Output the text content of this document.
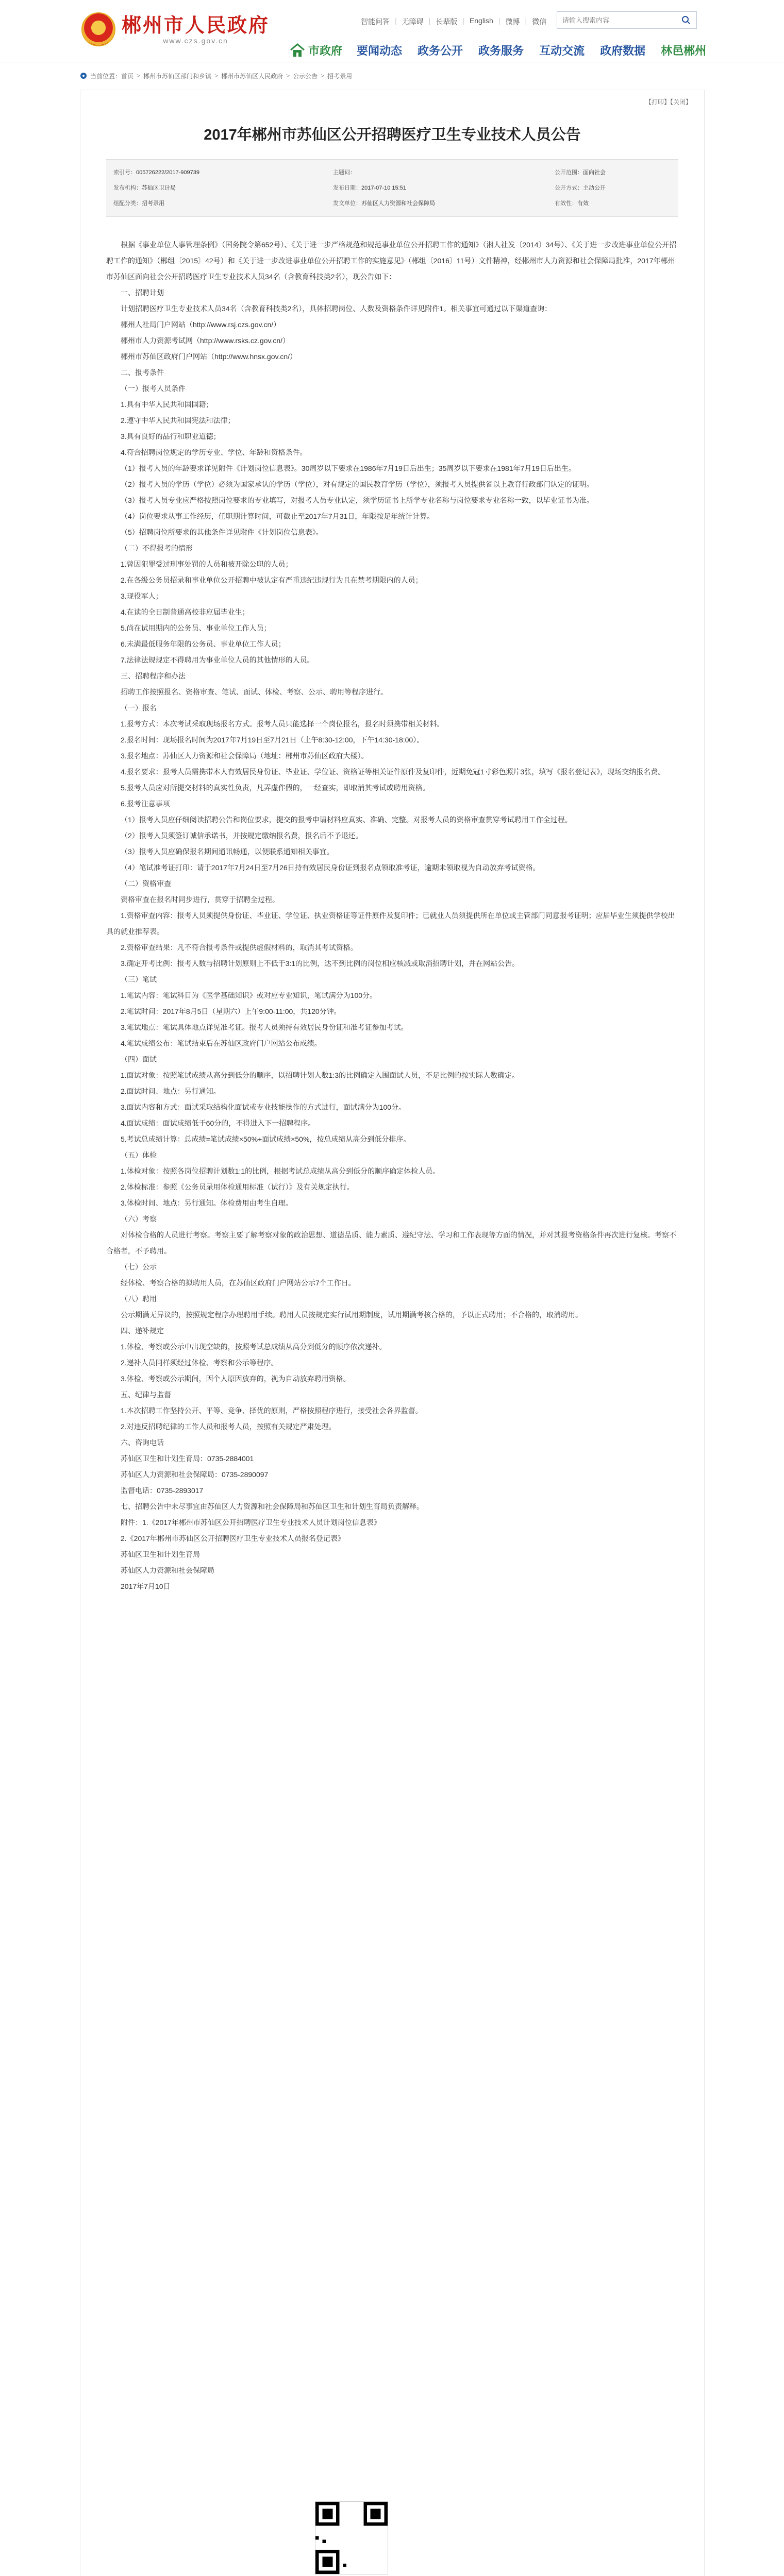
郴州市人民政府
www.czs.gov.cn
智能问答 | 无障碍 | 长辈版 | English | 微博 | 微信
请输入搜索内容
市政府 要闻动态 政务公开 政务服务 互动交流 政府数据 林邑郴州
当前位置： 首页 > 郴州市苏仙区部门和乡镇 > 郴州市苏仙区人民政府 > 公示公告 > 招考录用
【打印】【关闭】
2017年郴州市苏仙区公开招聘医疗卫生专业技术人员公告
索引号：005726222/2017-909739	主题词：	公开范围：面向社会
发布机构：苏仙区卫计局	发布日期：2017-07-10 15:51	公开方式：主动公开
组配分类：招考录用	发文单位：苏仙区人力资源和社会保障局	有效性：有效

根据《事业单位人事管理条例》（国务院令第652号）、《关于进一步严格规范和规范事业单位公开招聘工作的通知》（湘人社发〔2014〕34号）、《关于进一步改进事业单位公开招聘工作的通知》（郴组〔2015〕42号）和《关于进一步改进事业单位公开招聘工作的实施意见》（郴组〔2016〕11号）文件精神，经郴州市人力资源和社会保障局批准，2017年郴州市苏仙区面向社会公开招聘医疗卫生专业技术人员34名（含教育科技类2名），现公告如下：

一、招聘计划

计划招聘医疗卫生专业技术人员34名（含教育科技类2名），具体招聘岗位、人数及资格条件详见附件1。相关事宜可通过以下渠道查询：

郴州人社局门户网站（http://www.rsj.czs.gov.cn/）

郴州市人力资源考试网（http://www.rsks.cz.gov.cn/）

郴州市苏仙区政府门户网站（http://www.hnsx.gov.cn/）

二、报考条件

（一）报考人员条件

1.具有中华人民共和国国籍；

2.遵守中华人民共和国宪法和法律；

3.具有良好的品行和职业道德；

4.符合招聘岗位规定的学历专业、学位、年龄和资格条件。

（1）报考人员的年龄要求详见附件《计划岗位信息表》。30周岁以下要求在1986年7月19日后出生；35周岁以下要求在1981年7月19日后出生。

（2）报考人员的学历（学位）必须为国家承认的学历（学位），对有规定的国民教育学历（学位），须报考人员提供省以上教育行政部门认定的证明。

（3）报考人员专业应严格按照岗位要求的专业填写，对报考人员专业认定，须学历证书上所学专业名称与岗位要求专业名称一致，以毕业证书为准。

（4）岗位要求从事工作经历，任职期计算时间，可截止至2017年7月31日，年限按足年统计计算。

（5）招聘岗位所要求的其他条件详见附件《计划岗位信息表》。

（二）不得报考的情形

1.曾因犯罪受过刑事处罚的人员和被开除公职的人员；

2.在各级公务员招录和事业单位公开招聘中被认定有严重违纪违规行为且在禁考期限内的人员；

3.现役军人；

4.在读的全日制普通高校非应届毕业生；

5.尚在试用期内的公务员、事业单位工作人员；

6.未满最低服务年限的公务员、事业单位工作人员；

7.法律法规规定不得聘用为事业单位人员的其他情形的人员。

三、招聘程序和办法

招聘工作按照报名、资格审查、笔试、面试、体检、考察、公示、聘用等程序进行。

（一）报名

1.报考方式：本次考试采取现场报名方式。报考人员只能选择一个岗位报名，报名时须携带相关材料。

2.报名时间：现场报名时间为2017年7月19日至7月21日（上午8:30-12:00，下午14:30-18:00）。

3.报名地点：苏仙区人力资源和社会保障局（地址：郴州市苏仙区政府大楼）。

4.报名要求：报考人员需携带本人有效居民身份证、毕业证、学位证、资格证等相关证件原件及复印件，近期免冠1寸彩色照片3张，填写《报名登记表》，现场交纳报名费。

5.报考人员应对所提交材料的真实性负责，凡弄虚作假的，一经查实，即取消其考试或聘用资格。

6.报考注意事项

（1）报考人员应仔细阅读招聘公告和岗位要求，提交的报考申请材料应真实、准确、完整。对报考人员的资格审查贯穿考试聘用工作全过程。

（2）报考人员须签订诚信承诺书，并按规定缴纳报名费，报名后不予退还。

（3）报考人员应确保报名期间通讯畅通，以便联系通知相关事宜。

（4）笔试准考证打印：请于2017年7月24日至7月26日持有效居民身份证到报名点领取准考证，逾期未领取视为自动放弃考试资格。

（二）资格审查

资格审查在报名时同步进行，贯穿于招聘全过程。

1.资格审查内容：报考人员须提供身份证、毕业证、学位证、执业资格证等证件原件及复印件；已就业人员须提供所在单位或主管部门同意报考证明；应届毕业生须提供学校出具的就业推荐表。

2.资格审查结果：凡不符合报考条件或提供虚假材料的，取消其考试资格。

3.确定开考比例：报考人数与招聘计划原则上不低于3:1的比例，达不到比例的岗位相应核减或取消招聘计划，并在网站公告。

（三）笔试

1.笔试内容：笔试科目为《医学基础知识》或对应专业知识，笔试满分为100分。

2.笔试时间：2017年8月5日（星期六）上午9:00-11:00，共120分钟。

3.笔试地点：笔试具体地点详见准考证。报考人员须持有效居民身份证和准考证参加考试。

4.笔试成绩公布：笔试结束后在苏仙区政府门户网站公布成绩。

（四）面试

1.面试对象：按照笔试成绩从高分到低分的顺序，以招聘计划人数1:3的比例确定入围面试人员，不足比例的按实际人数确定。

2.面试时间、地点：另行通知。

3.面试内容和方式：面试采取结构化面试或专业技能操作的方式进行，面试满分为100分。

4.面试成绩：面试成绩低于60分的，不得进入下一招聘程序。

5.考试总成绩计算：总成绩=笔试成绩×50%+面试成绩×50%，按总成绩从高分到低分排序。

（五）体检

1.体检对象：按照各岗位招聘计划数1:1的比例，根据考试总成绩从高分到低分的顺序确定体检人员。

2.体检标准：参照《公务员录用体检通用标准（试行）》及有关规定执行。

3.体检时间、地点：另行通知。体检费用由考生自理。

（六）考察

对体检合格的人员进行考察。考察主要了解考察对象的政治思想、道德品质、能力素质、遵纪守法、学习和工作表现等方面的情况，并对其报考资格条件再次进行复核。考察不合格者，不予聘用。

（七）公示

经体检、考察合格的拟聘用人员，在苏仙区政府门户网站公示7个工作日。

（八）聘用

公示期满无异议的，按照规定程序办理聘用手续。聘用人员按规定实行试用期制度，试用期满考核合格的，予以正式聘用；不合格的，取消聘用。

四、递补规定

1.体检、考察或公示中出现空缺的，按照考试总成绩从高分到低分的顺序依次递补。

2.递补人员同样须经过体检、考察和公示等程序。

3.体检、考察或公示期间，因个人原因放弃的，视为自动放弃聘用资格。

五、纪律与监督

1.本次招聘工作坚持公开、平等、竞争、择优的原则，严格按照程序进行，接受社会各界监督。

2.对违反招聘纪律的工作人员和报考人员，按照有关规定严肃处理。

六、咨询电话

苏仙区卫生和计划生育局：0735-2884001

苏仙区人力资源和社会保障局：0735-2890097

监督电话：0735-2893017

七、招聘公告中未尽事宜由苏仙区人力资源和社会保障局和苏仙区卫生和计划生育局负责解释。

附件：1.《2017年郴州市苏仙区公开招聘医疗卫生专业技术人员计划岗位信息表》

2.《2017年郴州市苏仙区公开招聘医疗卫生专业技术人员报名登记表》

苏仙区卫生和计划生育局

苏仙区人力资源和社会保障局

2017年7月10日
